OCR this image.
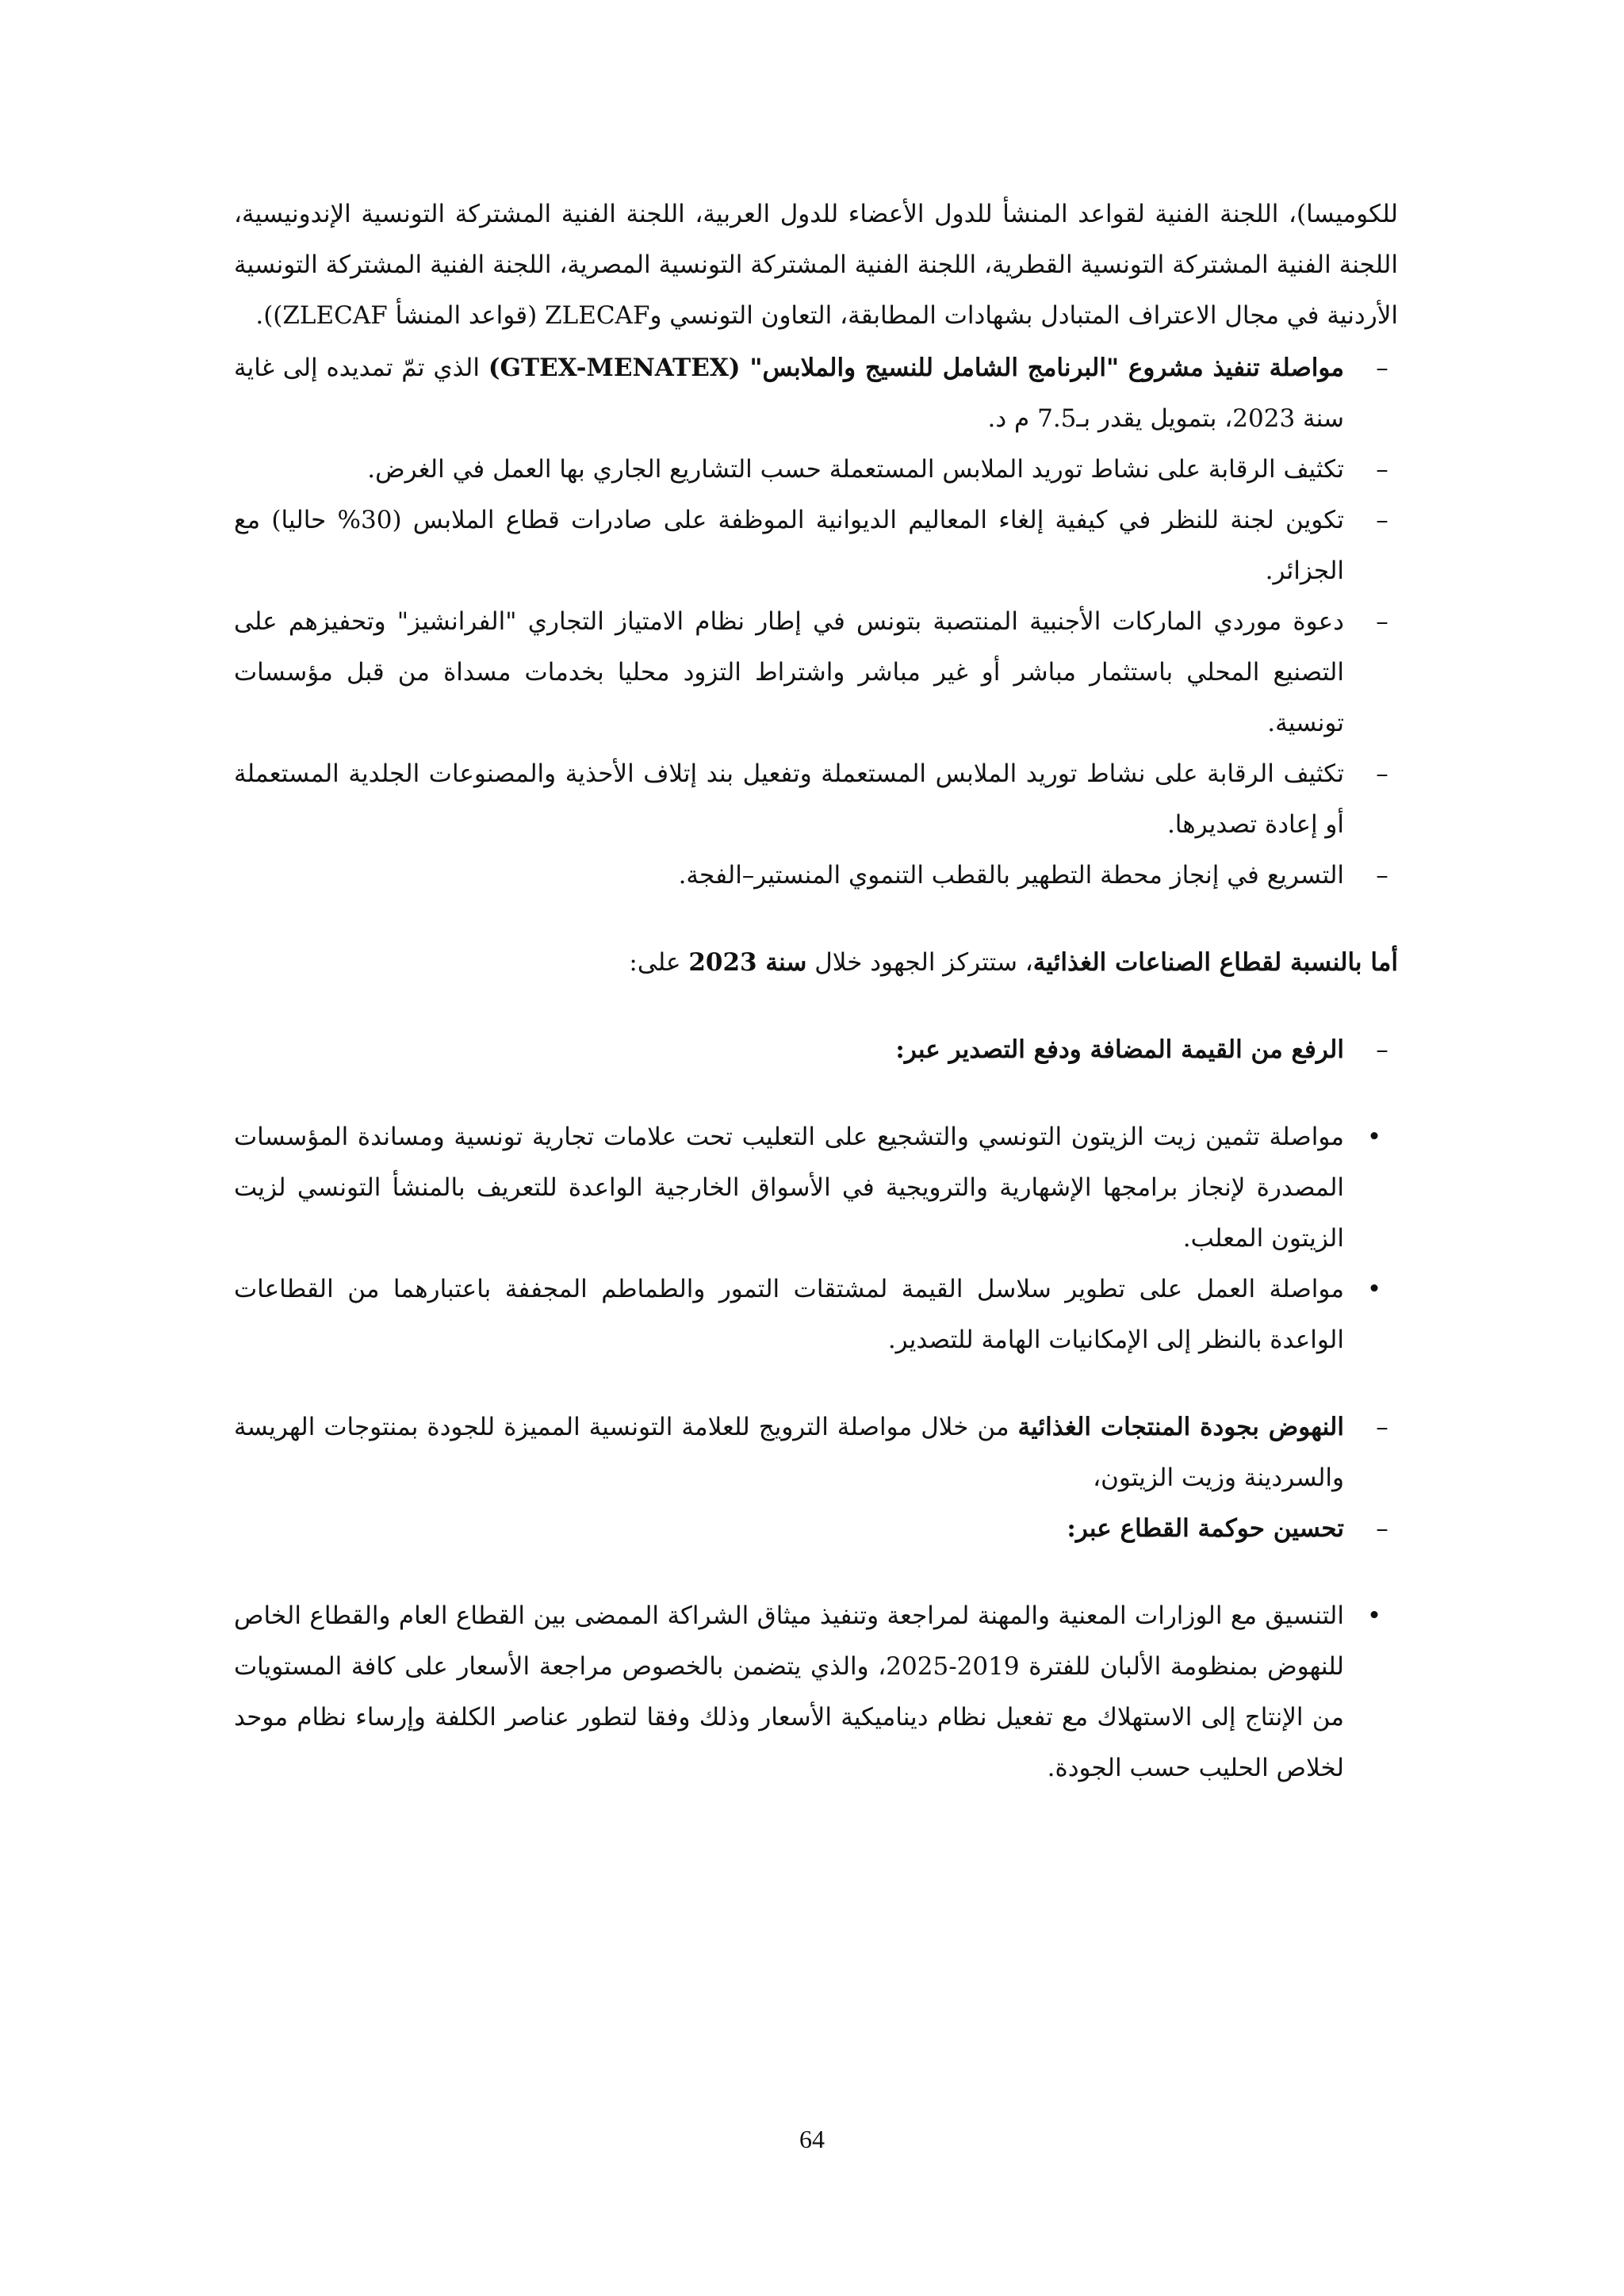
للكوميسا)، اللجنة الفنية لقواعد المنشأ للدول الأعضاء للدول العربية، اللجنة الفنية المشتركة التونسية الإندونيسية، اللجنة الفنية المشتركة التونسية القطرية، اللجنة الفنية المشتركة التونسية المصرية، اللجنة الفنية المشتركة التونسية الأردنية في مجال الاعتراف المتبادل بشهادات المطابقة، التعاون التونسي وZLECAF (قواعد المنشأ ZLECAF)).

–

مواصلة تنفيذ مشروع "البرنامج الشامل للنسيج والملابس" (GTEX-MENATEX) الذي تمّ تمديده إلى غاية سنة 2023، بتمويل يقدر بـ7.5 م د.

–

تكثيف الرقابة على نشاط توريد الملابس المستعملة حسب التشاريع الجاري بها العمل في الغرض.

–

تكوين لجنة للنظر في كيفية إلغاء المعاليم الديوانية الموظفة على صادرات قطاع الملابس (30% حاليا) مع الجزائر.

–

دعوة موردي الماركات الأجنبية المنتصبة بتونس في إطار نظام الامتياز التجاري "الفرانشيز" وتحفيزهم على التصنيع المحلي باستثمار مباشر أو غير مباشر واشتراط التزود محليا بخدمات مسداة من قبل مؤسسات تونسية.

–

تكثيف الرقابة على نشاط توريد الملابس المستعملة وتفعيل بند إتلاف الأحذية والمصنوعات الجلدية المستعملة أو إعادة تصديرها.

–

التسريع في إنجاز محطة التطهير بالقطب التنموي المنستير–الفجة.

أما بالنسبة لقطاع الصناعات الغذائية، ستتركز الجهود خلال سنة 2023 على:

–

الرفع من القيمة المضافة ودفع التصدير عبر:

•

مواصلة تثمين زيت الزيتون التونسي والتشجيع على التعليب تحت علامات تجارية تونسية ومساندة المؤسسات المصدرة لإنجاز برامجها الإشهارية والترويجية في الأسواق الخارجية الواعدة للتعريف بالمنشأ التونسي لزيت الزيتون المعلب.

•

مواصلة العمل على تطوير سلاسل القيمة لمشتقات التمور والطماطم المجففة باعتبارهما من القطاعات الواعدة بالنظر إلى الإمكانيات الهامة للتصدير.

–

النهوض بجودة المنتجات الغذائية من خلال مواصلة الترويج للعلامة التونسية المميزة للجودة بمنتوجات الهريسة والسردينة وزيت الزيتون،

–

تحسين حوكمة القطاع عبر:

•

التنسيق مع الوزارات المعنية والمهنة لمراجعة وتنفيذ ميثاق الشراكة الممضى بين القطاع العام والقطاع الخاص للنهوض بمنظومة الألبان للفترة 2019-2025، والذي يتضمن بالخصوص مراجعة الأسعار على كافة المستويات من الإنتاج إلى الاستهلاك مع تفعيل نظام ديناميكية الأسعار وذلك وفقا لتطور عناصر الكلفة وإرساء نظام موحد لخلاص الحليب حسب الجودة.

64
